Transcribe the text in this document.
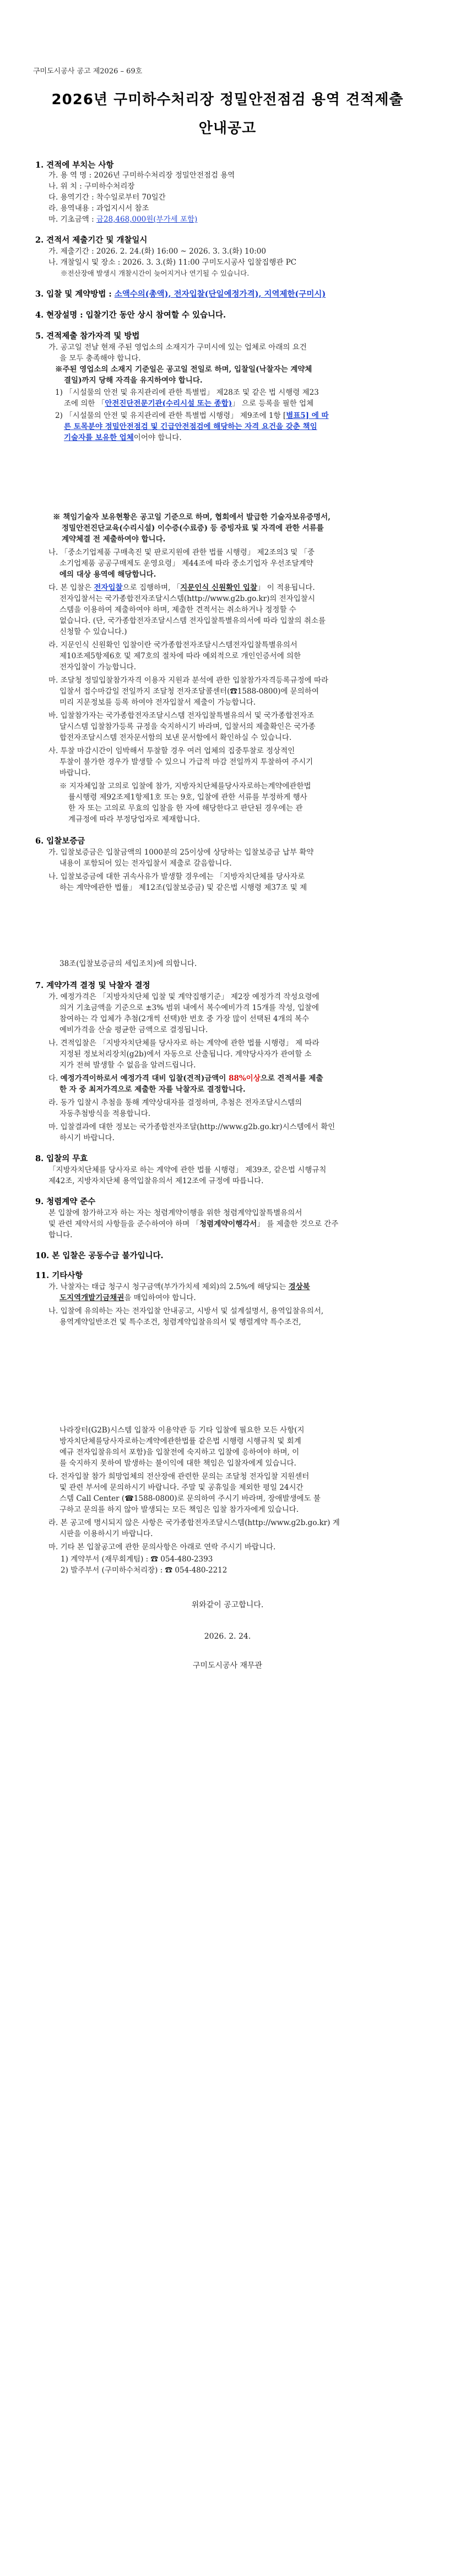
구미도시공사 공고 제2026 – 69호
2026년 구미하수처리장 정밀안전점검 용역 견적제출
안내공고
1. 견적에 부치는 사항
가. 용 역 명 : 2026년 구미하수처리장 정밀안전점검 용역
나. 위 치 : 구미하수처리장
다. 용역기간 : 착수일로부터 70일간
라. 용역내용 : 과업지시서 참조
마. 기초금액 : 금28,468,000원(부가세 포함)
2. 견적서 제출기간 및 개찰일시
가. 제출기간 : 2026. 2. 24.(화) 16:00 ~ 2026. 3. 3.(화) 10:00
나. 개찰일시 및 장소 : 2026. 3. 3.(화) 11:00 구미도시공사 입찰집행관 PC
※전산장애 발생시 개찰시간이 늦어지거나 연기될 수 있습니다.
3. 입찰 및 계약방법 : 소액수의(총액), 전자입찰(단일예정가격), 지역제한(구미시)
4. 현장설명 : 입찰기간 동안 상시 참여할 수 있습니다.
5. 견적제출 참가자격 및 방법
가. 공고일 전날 현재 주된 영업소의 소재지가 구미시에 있는 업체로 아래의 요건
을 모두 충족해야 합니다.
※주된 영업소의 소재지 기준일은 공고일 전일로 하며, 입찰일(낙찰자는 계약체
결일)까지 당해 자격을 유지하여야 합니다.
1) 「시설물의 안전 및 유지관리에 관한 특별법」 제28조 및 같은 법 시행령 제23
조에 의한 「안전진단전문기관(수리시설 또는 종합)」 으로 등록을 필한 업체
2) 「시설물의 안전 및 유지관리에 관한 특별법 시행령」 제9조에 1항 [별표5] 에 따
른 토목분야 정밀안전점검 및 긴급안전점검에 해당하는 자격 요건을 갖춘 책임
기술자를 보유한 업체이어야 합니다.
※ 책임기술자 보유현황은 공고일 기준으로 하며, 협회에서 발급한 기술자보유증명서,
정밀안전진단교육(수리시설) 이수증(수료증) 등 증빙자료 및 자격에 관한 서류를
계약체결 전 제출하여야 합니다.
나. 「중소기업제품 구매촉진 및 판로지원에 관한 법률 시행령」 제2조의3 및 「중
소기업제품 공공구매제도 운영요령」 제44조에 따라 중소기업자 우선조달계약
에의 대상 용역에 해당합니다.
다. 본 입찰은 전자입찰으로 집행하며, 「지문인식 신원확인 입찰」 이 적용됩니다.
전자입찰서는 국가종합전자조달시스템(http://www.g2b.go.kr)의 전자입찰시
스템을 이용하여 제출하여야 하며, 제출한 견적서는 취소하거나 정정할 수
없습니다. (단, 국가종합전자조달시스템 전자입찰특별유의서에 따라 입찰의 취소를
신청할 수 있습니다.)
라. 지문인식 신원확인 입찰이란 국가종합전자조달시스템전자입찰특별유의서
제10조제5항제6호 및 제7호의 절차에 따라 예외적으로 개인인증서에 의한
전자입찰이 가능합니다.
마. 조달청 정밀입찰참가자격 이용자 지원과 분석에 관한 입찰참가자격등록규정에 따라
입찰서 접수마감일 전일까지 조달청 전자조달콜센터(☎1588-0800)에 문의하여
미리 지문정보를 등록 하여야 전자입찰서 제출이 가능합니다.
바. 입찰참가자는 국가종합전자조달시스템 전자입찰특별유의서 및 국가종합전자조
달시스템 입찰참가등록 규정을 숙지하시기 바라며, 입찰서의 제출확인은 국가종
합전자조달시스템 전자문서함의 보낸 문서함에서 확인하실 수 있습니다.
사. 투찰 마감시간이 임박해서 투찰할 경우 여러 업체의 집중투찰로 정상적인
투찰이 불가한 경우가 발생할 수 있으니 가급적 마감 전일까지 투찰하여 주시기
바랍니다.
※ 지자체입찰 고의로 입찰에 참가, 지방자치단체를당사자로하는계약에관한법
률시행령 제92조제1항제1호 또는 9호, 입찰에 관한 서류를 부정하게 행사
한 자 또는 고의로 무효의 입찰을 한 자에 해당한다고 판단된 경우에는 관
계규정에 따라 부정당업자로 제재합니다.
6. 입찰보증금
가. 입찰보증금은 입찰금액의 1000분의 25이상에 상당하는 입찰보증금 납부 확약
내용이 포함되어 있는 전자입찰서 제출로 갈음합니다.
나. 입찰보증금에 대한 귀속사유가 발생할 경우에는 「지방자치단체를 당사자로
하는 계약에관한 법률」 제12조(입찰보증금) 및 같은법 시행령 제37조 및 제
38조(입찰보증금의 세입조치)에 의합니다.
7. 계약가격 결정 및 낙찰자 결정
가. 예정가격은 「지방자치단체 입찰 및 계약집행기준」 제2장 예정가격 작성요령에
의거 기초금액을 기준으로 ±3% 범위 내에서 복수예비가격 15개를 작성, 입찰에
참여하는 각 업체가 추첨(2개씩 선택)한 번호 중 가장 많이 선택된 4개의 복수
예비가격을 산술 평균한 금액으로 결정됩니다.
나. 견적입찰은 「지방자치단체를 당사자로 하는 계약에 관한 법률 시행령」 제 따라
지정된 정보처리장치(g2b)에서 자동으로 산출됩니다. 계약당사자가 관여할 소
지가 전혀 발생할 수 없음을 알려드립니다.
다. 예정가격이하로서 예정가격 대비 입찰(견적)금액이 88%이상으로 견적서를 제출
한 자 중 최저가격으로 제출한 자를 낙찰자로 결정합니다.
라. 동가 입찰시 추첨을 통해 계약상대자를 결정하며, 추첨은 전자조달시스템의
자동추첨방식을 적용합니다.
마. 입찰결과에 대한 정보는 국가종합전자조달(http://www.g2b.go.kr)시스템에서 확인
하시기 바랍니다.
8. 입찰의 무효
「지방자치단체를 당사자로 하는 계약에 관한 법률 시행령」 제39조, 같은법 시행규칙
제42조, 지방자치단체 용역입찰유의서 제12조에 규정에 따릅니다.
9. 청렴계약 준수
본 입찰에 참가하고자 하는 자는 청렴계약이행을 위한 청렴계약입찰특별유의서
및 관련 제약서의 사항들을 준수하여야 하며 「청렴계약이행각서」 를 제출한 것으로 간주
합니다.
10. 본 입찰은 공동수급 불가입니다.
11. 기타사항
가. 낙찰자는 태급 청구시 청구금액(부가가치세 제외)의 2.5%에 해당되는 경상북
도지역개발기금채권을 매입하여야 합니다.
나. 입찰에 유의하는 자는 전자입찰 안내공고, 시방서 및 설계설명서, 용역입찰유의서,
용역계약일반조건 및 특수조건, 청렴계약입찰유의서 및 행렬계약 특수조건,
나라장터(G2B)시스템 입찰자 이용약관 등 기타 입찰에 필요한 모든 사항(지
방자치단체를당사자로하는계약에관한법률 같은법 시행령 시행규칙 및 회계
예규 전자입찰유의서 포함)을 입찰전에 숙지하고 입찰에 응하여야 하며, 이
를 숙지하지 못하여 발생하는 불이익에 대한 책임은 입찰자에게 있습니다.
다. 전자입찰 참가 희망업체의 전산장애 관련한 문의는 조달청 전자입찰 지원센터
및 관련 부서에 문의하시기 바랍니다. 주말 및 공휴일을 제외한 평일 24시간
스템 Call Center (☎1588-0800)로 문의하여 주시기 바라며, 장애발생에도 불
구하고 문의를 하지 않아 발생되는 모든 책임은 입찰 참가자에게 있습니다.
라. 본 공고에 명시되지 않은 사항은 국가종합전자조달시스템(http://www.g2b.go.kr) 게
시판을 이용하시기 바랍니다.
마. 기타 본 입찰공고에 관한 문의사항은 아래로 연락 주시기 바랍니다.
1) 계약부서 (재무회계팀) : ☎ 054-480-2393
2) 발주부서 (구미하수처리장) : ☎ 054-480-2212
위와같이 공고합니다.
2026. 2. 24.
구미도시공사 재무관
